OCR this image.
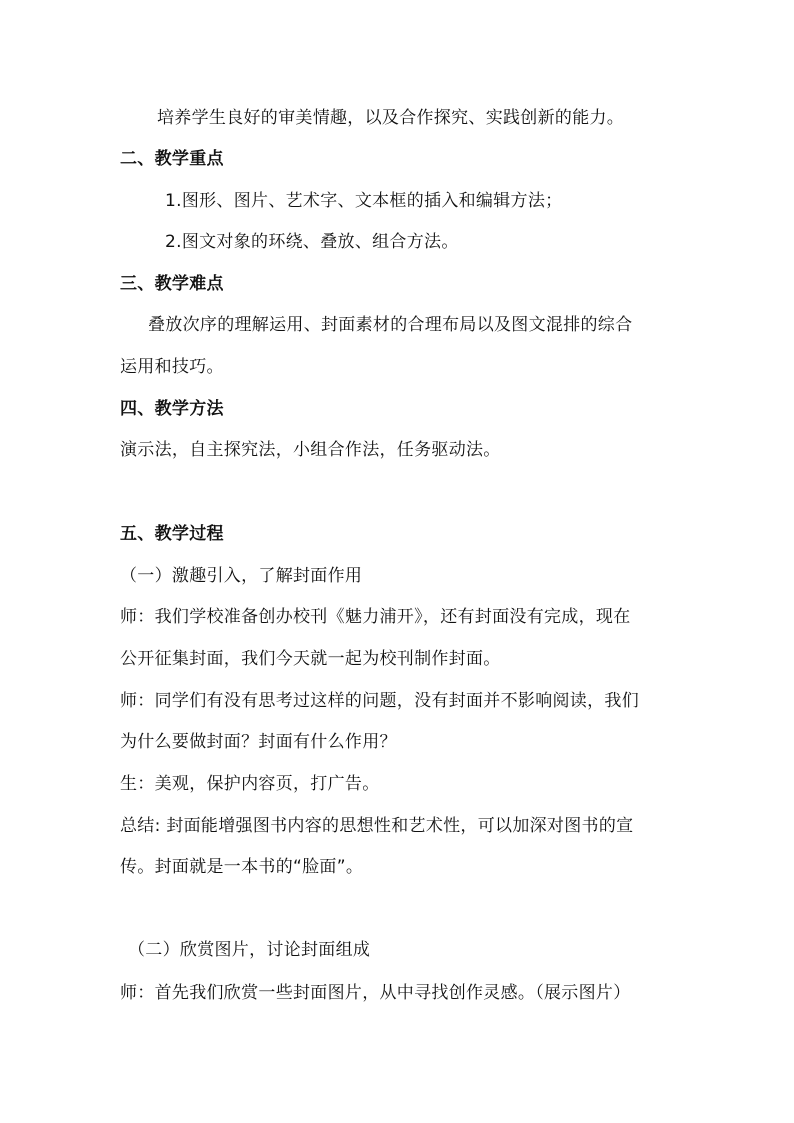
培养学生良好的审美情趣，以及合作探究、实践创新的能力。
二、教学重点
1.图形、图片、艺术字、文本框的插入和编辑方法；
2.图文对象的环绕、叠放、组合方法。
三、教学难点
叠放次序的理解运用、封面素材的合理布局以及图文混排的综合
运用和技巧。
四、教学方法
演示法，自主探究法，小组合作法，任务驱动法。
五、教学过程
（一）激趣引入，了解封面作用
师：我们学校准备创办校刊《魅力浦开》，还有封面没有完成，现在
公开征集封面，我们今天就一起为校刊制作封面。
师：同学们有没有思考过这样的问题，没有封面并不影响阅读，我们
为什么要做封面？封面有什么作用？
生：美观，保护内容页，打广告。
总结: 封面能增强图书内容的思想性和艺术性，可以加深对图书的宣
传。封面就是一本书的“脸面”。
（二）欣赏图片，讨论封面组成
师：首先我们欣赏一些封面图片，从中寻找创作灵感。（展示图片）
